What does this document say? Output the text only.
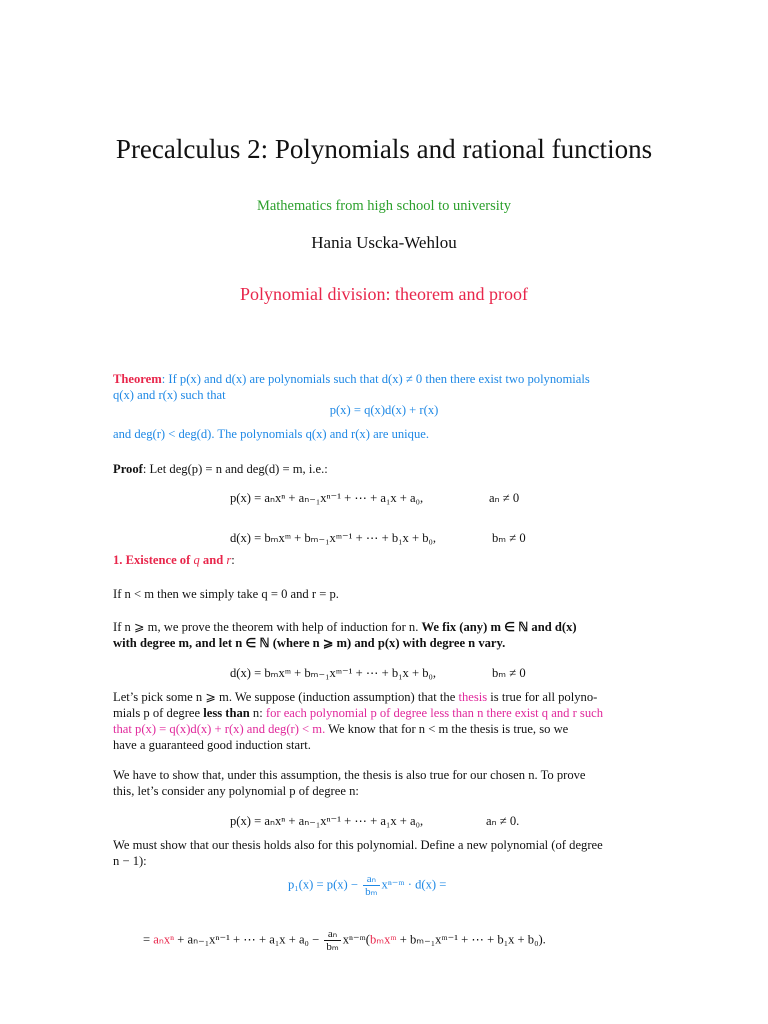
Precalculus 2: Polynomials and rational functions
Mathematics from high school to university
Hania Uscka-Wehlou
Polynomial division: theorem and proof
Theorem: If p(x) and d(x) are polynomials such that d(x) ≠ 0 then there exist two polynomials
q(x) and r(x) such that
p(x) = q(x)d(x) + r(x)
and deg(r) < deg(d). The polynomials q(x) and r(x) are unique.
Proof: Let deg(p) = n and deg(d) = m, i.e.:
p(x) = aₙxⁿ + aₙ₋₁xⁿ⁻¹ + ⋯ + a₁x + a₀,	aₙ ≠ 0
d(x) = bₘxᵐ + bₘ₋₁xᵐ⁻¹ + ⋯ + b₁x + b₀,	bₘ ≠ 0
1. Existence of q and r:
If n < m then we simply take q = 0 and r = p.
If n ⩾ m, we prove the theorem with help of induction for n. We fix (any) m ∈ ℕ and d(x)
with degree m, and let n ∈ ℕ (where n ⩾ m) and p(x) with degree n vary.
d(x) = bₘxᵐ + bₘ₋₁xᵐ⁻¹ + ⋯ + b₁x + b₀,	bₘ ≠ 0
Let’s pick some n ⩾ m. We suppose (induction assumption) that the thesis is true for all polyno-
mials p of degree less than n: for each polynomial p of degree less than n there exist q and r such
that p(x) = q(x)d(x) + r(x) and deg(r) < m. We know that for n < m the thesis is true, so we
have a guaranteed good induction start.
We have to show that, under this assumption, the thesis is also true for our chosen n. To prove
this, let’s consider any polynomial p of degree n:
p(x) = aₙxⁿ + aₙ₋₁xⁿ⁻¹ + ⋯ + a₁x + a₀,	aₙ ≠ 0.
We must show that our thesis holds also for this polynomial. Define a new polynomial (of degree
n − 1):
$p_1(x) = p(x) - \frac{\text{aₙ}}{\text{bₘ}}$ xⁿ⁻ᵐ · d(x) =
= aₙxⁿ + aₙ₋₁xⁿ⁻¹ + ⋯ + $a_1x + a_0 - \frac{\text{aₙ}}{\text{bₘ}}$ xⁿ⁻ᵐ(bₘxᵐ + bₘ₋₁xᵐ⁻¹ + ⋯ + b₁x + b₀).
